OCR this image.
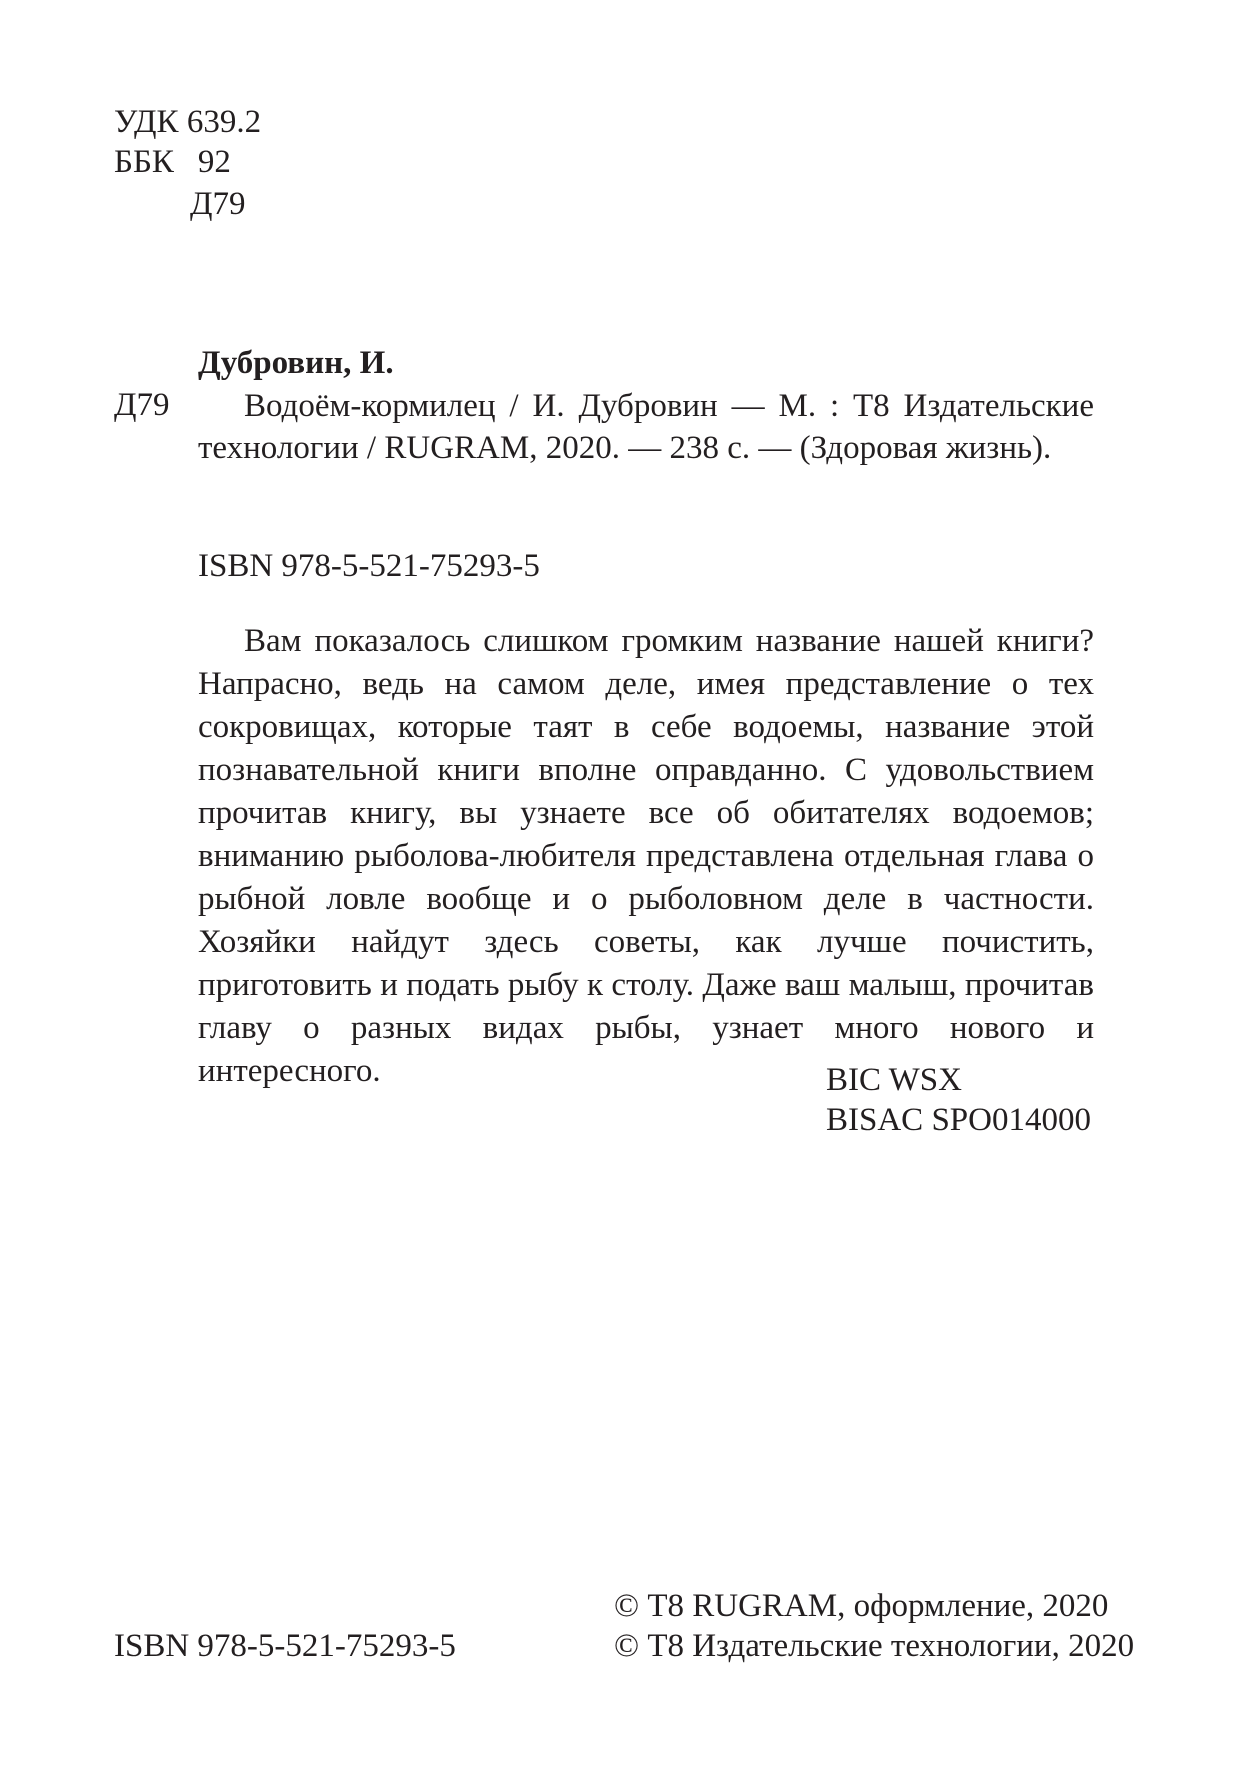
УДК 639.2
ББК 92
Д79
Дубровин, И.
Д79	Водоём-кормилец / И. Дубровин — М. : Т8 Издательские технологии / RUGRAM, 2020. — 238 с. — (Здоровая жизнь).
ISBN 978-5-521-75293-5
Вам показалось слишком громким название нашей книги? Напрасно, ведь на самом деле, имея представление о тех сокровищах, которые таят в себе водоемы, название этой познавательной книги вполне оправданно. С удовольствием прочитав книгу, вы узнаете все об обитателях водоемов; вниманию рыболова-любителя представлена отдельная глава о рыбной ловле вообще и о рыболовном деле в частности. Хозяйки найдут здесь советы, как лучше почистить, приготовить и подать рыбу к столу. Даже ваш малыш, прочитав главу о разных видах рыбы, узнает много нового и интересного.	BIC WSX
BISAC SPO014000
© Т8 RUGRAM, оформление, 2020
© Т8 Издательские технологии, 2020
ISBN 978-5-521-75293-5
